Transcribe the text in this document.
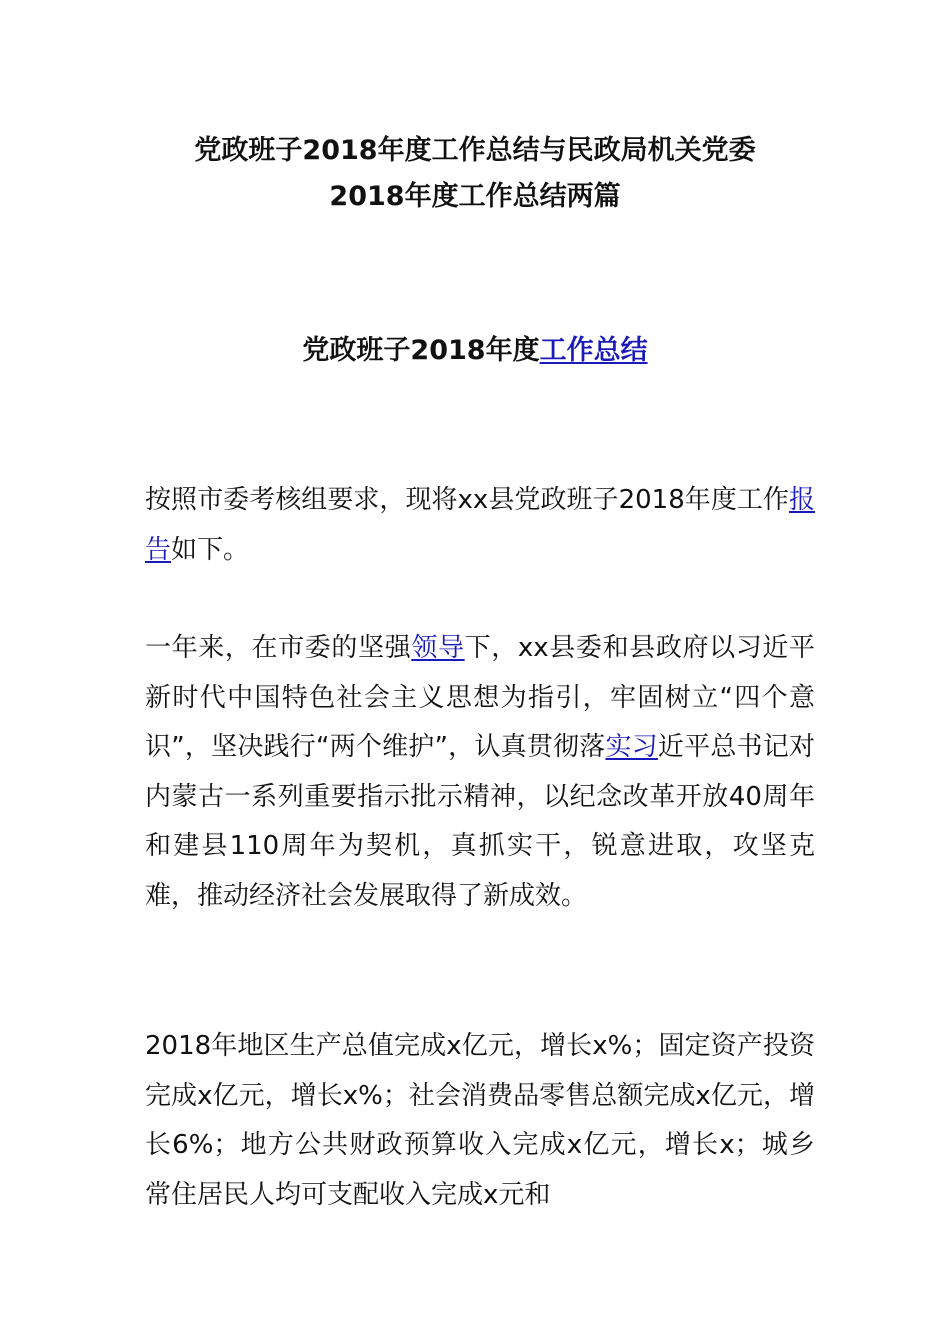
党政班子2018年度工作总结与民政局机关党委
2018年度工作总结两篇
党政班子2018年度工作总结

按照市委考核组要求，现将xx县党政班子2018年度工作报告如下。

一年来，在市委的坚强领导下，xx县委和县政府以习近平新时代中国特色社会主义思想为指引，牢固树立“四个意识”，坚决践行“两个维护”，认真贯彻落实习近平总书记对内蒙古一系列重要指示批示精神，以纪念改革开放40周年和建县110周年为契机，真抓实干，锐意进取，攻坚克难，推动经济社会发展取得了新成效。

2018年地区生产总值完成x亿元，增长x%；固定资产投资完成x亿元，增长x%；社会消费品零售总额完成x亿元，增长6%；地方公共财政预算收入完成x亿元，增长x；城乡常住居民人均可支配收入完成x元和
